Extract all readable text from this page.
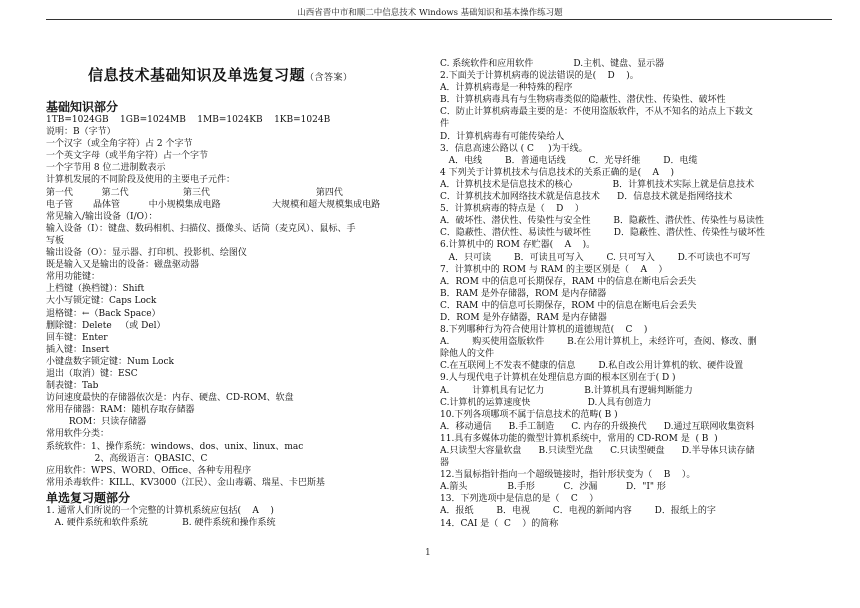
山西省晋中市和顺二中信息技术 Windows 基础知识和基本操作练习题
信息技术基础知识及单选复习题（含答案）
基础知识部分
1TB=1024GB    1GB=1024MB    1MB=1024KB    1KB=1024B
说明：B（字节）
一个汉字（或全角字符）占 2 个字节
一个英文字母（或半角字符）占一个字节
一个字节用 8 位二进制数表示
计算机发展的不同阶段及使用的主要电子元件：
第一代          第二代                   第三代                                     第四代
电子管       晶体管          中小规模集成电路                  大规模和超大规模集成电路
常见输入/输出设备（I/O）：
输入设备（I）：键盘、数码相机、扫描仪、摄像头、话筒（麦克风）、鼠标、手
写板
输出设备（O）：显示器、打印机、投影机、绘图仪
既是输入又是输出的设备：磁盘驱动器
常用功能键：
上档键（换档键）：Shift
大小写锁定键：Caps Lock
退格键：←（Back Space）
删除键：Delete   （或 Del）
回车键：Enter
插入键：Insert
小键盘数字锁定键：Num Lock
退出（取消）键：ESC
制表键：Tab
访问速度最快的存储器依次是：内存、硬盘、CD-ROM、软盘
常用存储器：RAM：随机存取存储器
ROM：只读存储器
常用软件分类：
系统软件：1、操作系统：windows、dos、unix、linux、mac
2、高级语言：QBASIC、C
应用软件：WPS、WORD、Office、各种专用程序
常用杀毒软件：KILL、KV3000（江民）、金山毒霸、瑞星、卡巴斯基
单选复习题部分
1. 通常人们所说的一个完整的计算机系统应包括(    A    )
A. 硬件系统和软件系统            B. 硬件系统和操作系统
C. 系统软件和应用软件              D.主机、键盘、显示器
2.下面关于计算机病毒的说法错误的是(    D    )。
A．计算机病毒是一种特殊的程序
B．计算机病毒具有与生物病毒类似的隐蔽性、潜伏性、传染性、破坏性
C．防止计算机病毒最主要的是：不使用盗版软件，不从不知名的站点上下载文
件
D．计算机病毒有可能传染给人
3．信息高速公路以 ( C     )为干线。
A．电线        B．普通电话线        C．光导纤维        D．电缆
4 下列关于计算机技术与信息技术的关系正确的是(    A    )
A．计算机技术是信息技术的核心              B．计算机技术实际上就是信息技术
C．计算机技术加网络技术就是信息技术      D．信息技术就是指网络技术
5．计算机病毒的特点是（    D    ）
A．破坏性、潜伏性、传染性与安全性        B．隐蔽性、潜伏性、传染性与易读性
C．隐蔽性、潜伏性、易读性与破坏性        D．隐蔽性、潜伏性、传染性与破坏性
6.计算机中的 ROM 存贮器(    A    )。
A．只可读        B．可读且可写入        C. 只可写入        D.不可读也不可写
7．计算机中的 ROM 与 RAM 的主要区别是（    A    ）
A．ROM 中的信息可长期保存，RAM 中的信息在断电后会丢失
B．RAM 是外存储器，ROM 是内存储器
C．RAM 中的信息可长期保存，ROM 中的信息在断电后会丢失
D．ROM 是外存储器，RAM 是内存储器
8.下列哪种行为符合使用计算机的道德规范(    C    )
A.        购买使用盗版软件        B.在公用计算机上，未经许可，查阅、修改、删
除他人的文件
C.在互联网上不发表不健康的信息        D.私自改公用计算机的软、硬件设置
9.人与现代电子计算机在处理信息方面的根本区别在于( D )
A.        计算机具有记忆力              B.计算机具有逻辑判断能力
C.计算机的运算速度快                    D.人具有创造力
10.下列各项哪项不属于信息技术的范畴( B )
A．移动通信      B.手工制造      C. 内存的升级换代      D.通过互联网收集资料
11.具有多媒体功能的微型计算机系统中，常用的 CD-ROM 是  ( B  )
A.只读型大容量软盘      B.只读型光盘      C.只读型硬盘      D.半导体只读存储
器
12.当鼠标指针指向一个超级链接时，指针形状变为（    B    ）。
A.箭头              B.手形          C．沙漏          D．"Ⅰ" 形
13．下列选项中是信息的是（    C    ）
A．报纸        B．电视        C．电视的新闻内容        D．报纸上的字
14．CAI 是（  C    ）的简称
1
